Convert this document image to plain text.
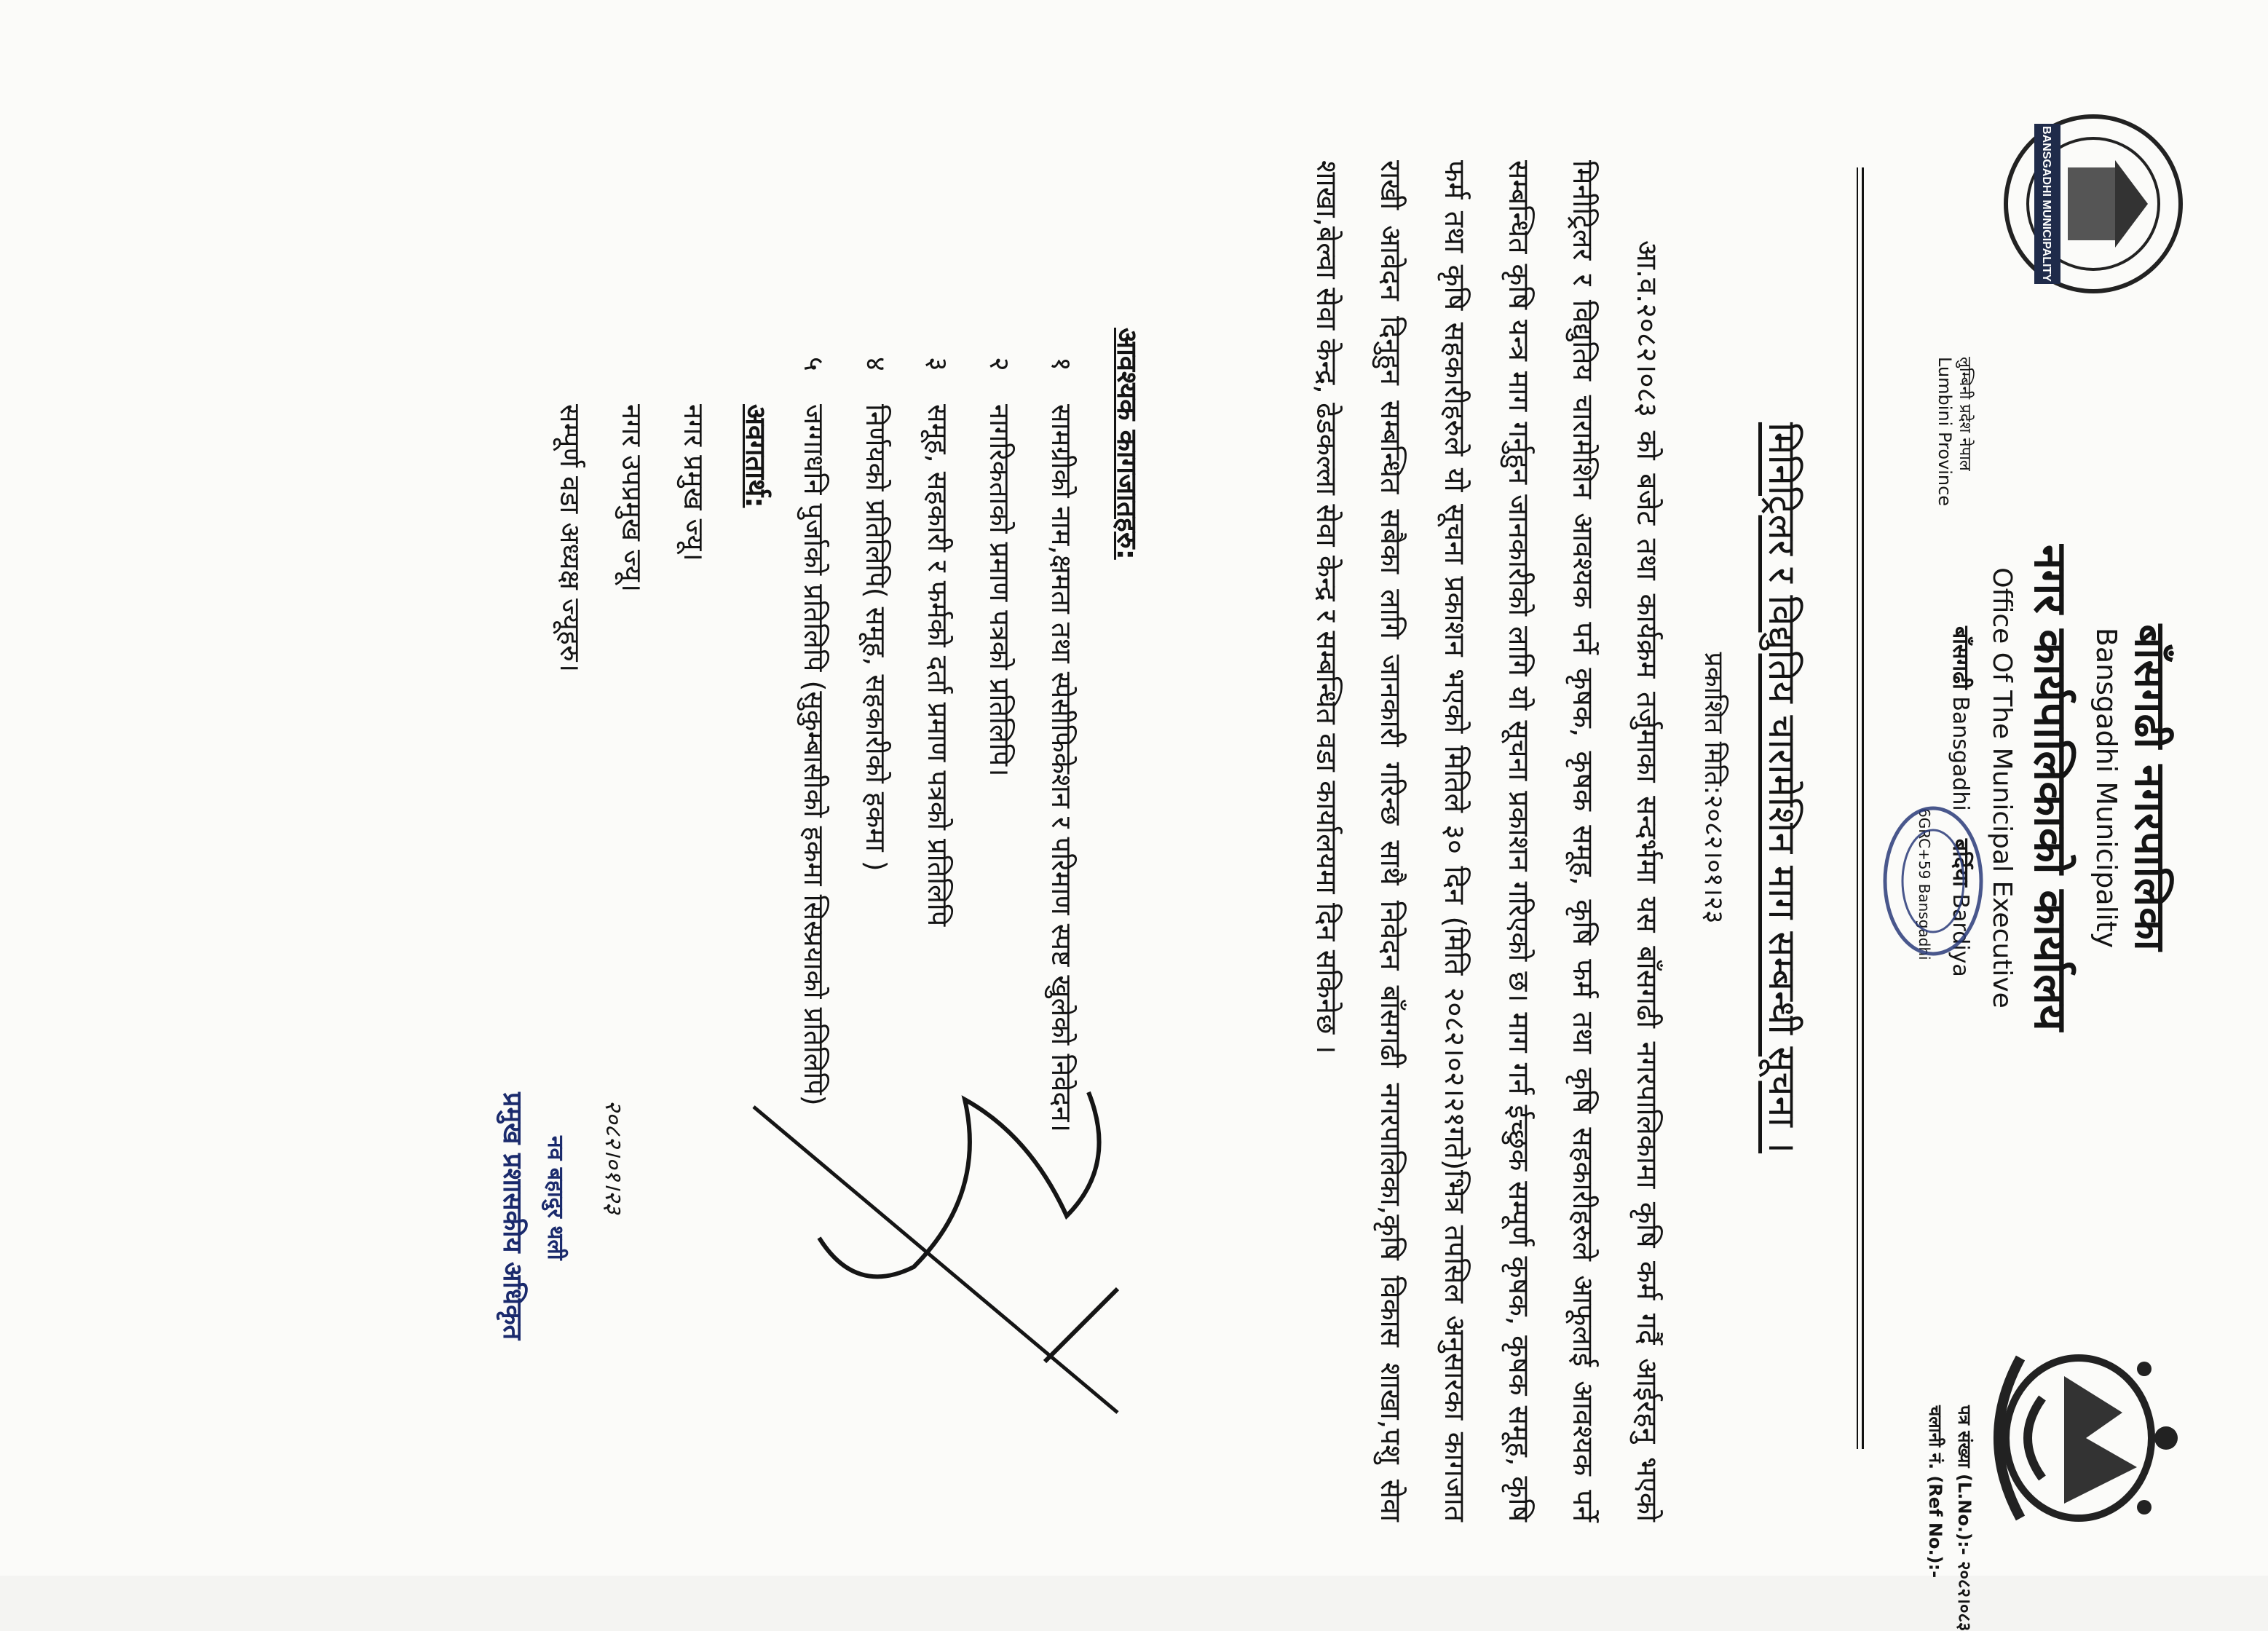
BANSGADHI MUNICIPALITY
बाँसगढी नगरपालिका
Bansgadhi Municipality
नगर कार्यपालिकाको कार्यालय
Office Of The Municipal Executive
बाँसगढी Bansgadhi    बर्दिया Bardiya
6GRC+59 Bansgadhi
लुम्बिनी प्रदेश नेपाल
Lumbini Province
पत्र संख्या (L.No.):- २०८२।०८३
चलानी नं. (Ref No.):-
मिनिट्रिलर र विद्युतिय चारामेशिन माग सम्बन्धी सूचना ।
प्रकाशित मिति:२०८२।०१।२३
आ.व.२०८२।०८३ को बजेट तथा कार्यक्रम तर्जुमाका सन्दर्भमा यस बाँसगढी नगरपालिकामा कृषि कर्म गर्दै आईरहनु भएको मिनीट्रिलर र विद्युतिय चारामेशिन आवश्यक पर्ने कृषक, कृषक समूह, कृषि फर्म तथा कृषि सहकारीहरुले आफूलाई आवश्यक पर्ने सम्बन्धित कृषि यन्त्र माग गर्नुहुन जानकारीको लागि यो सूचना प्रकाशन गरिएको छ। माग गर्न ईच्छुक सम्पूर्ण कृषक, कृषक समूह, कृषि फर्म तथा कृषि सहकारीहरुले यो सूचना प्रकाशन भएको मितिले ३० दिन (मिति २०८२।०२।२१गते)भित्र तपसिल अनुसारका कागजात राखी आवेदन दिनुहुन सम्बन्धित सबैका लागि जानकारी गरिन्छ साथै निवेदन बाँसगढी नगरपालिका,कृषि विकास शाखा,पशु सेवा शाखा,बेल्वा सेवा केन्द्र, ढेडकल्ला सेवा केन्द्र र सम्बन्धित वडा कार्यालयमा दिन सकिनेछ ।
आवश्यक कागजातहरु:
१
सामग्रीको नाम,क्षमता तथा स्पेसीफिकेशन र परिमाण स्पष्ट खुलेको निवेदन।
२
नागरिकताको प्रमाण पत्रको प्रतिलिपि।
३
समूह, सहकारी र फर्मको दर्ता प्रमाण पत्रको प्रतिलिपि
४
निर्णयको प्रतिलिपि( समूह, सहकारीको हकमा )
५
जग्गाधनि पुर्जाको प्रतिलिपि (सुकुम्बासीको हकमा सिस्प्रयाको प्रतिलिपि)
अवगतार्थ:
नगर प्रमुख ज्यू।
नगर उपप्रमुख ज्यू।
सम्पूर्ण वडा अध्यक्ष ज्यूहरु।
२०८२।०१।२३
नव बहादुर थली
प्रमुख प्रशासकीय अधिकृत
